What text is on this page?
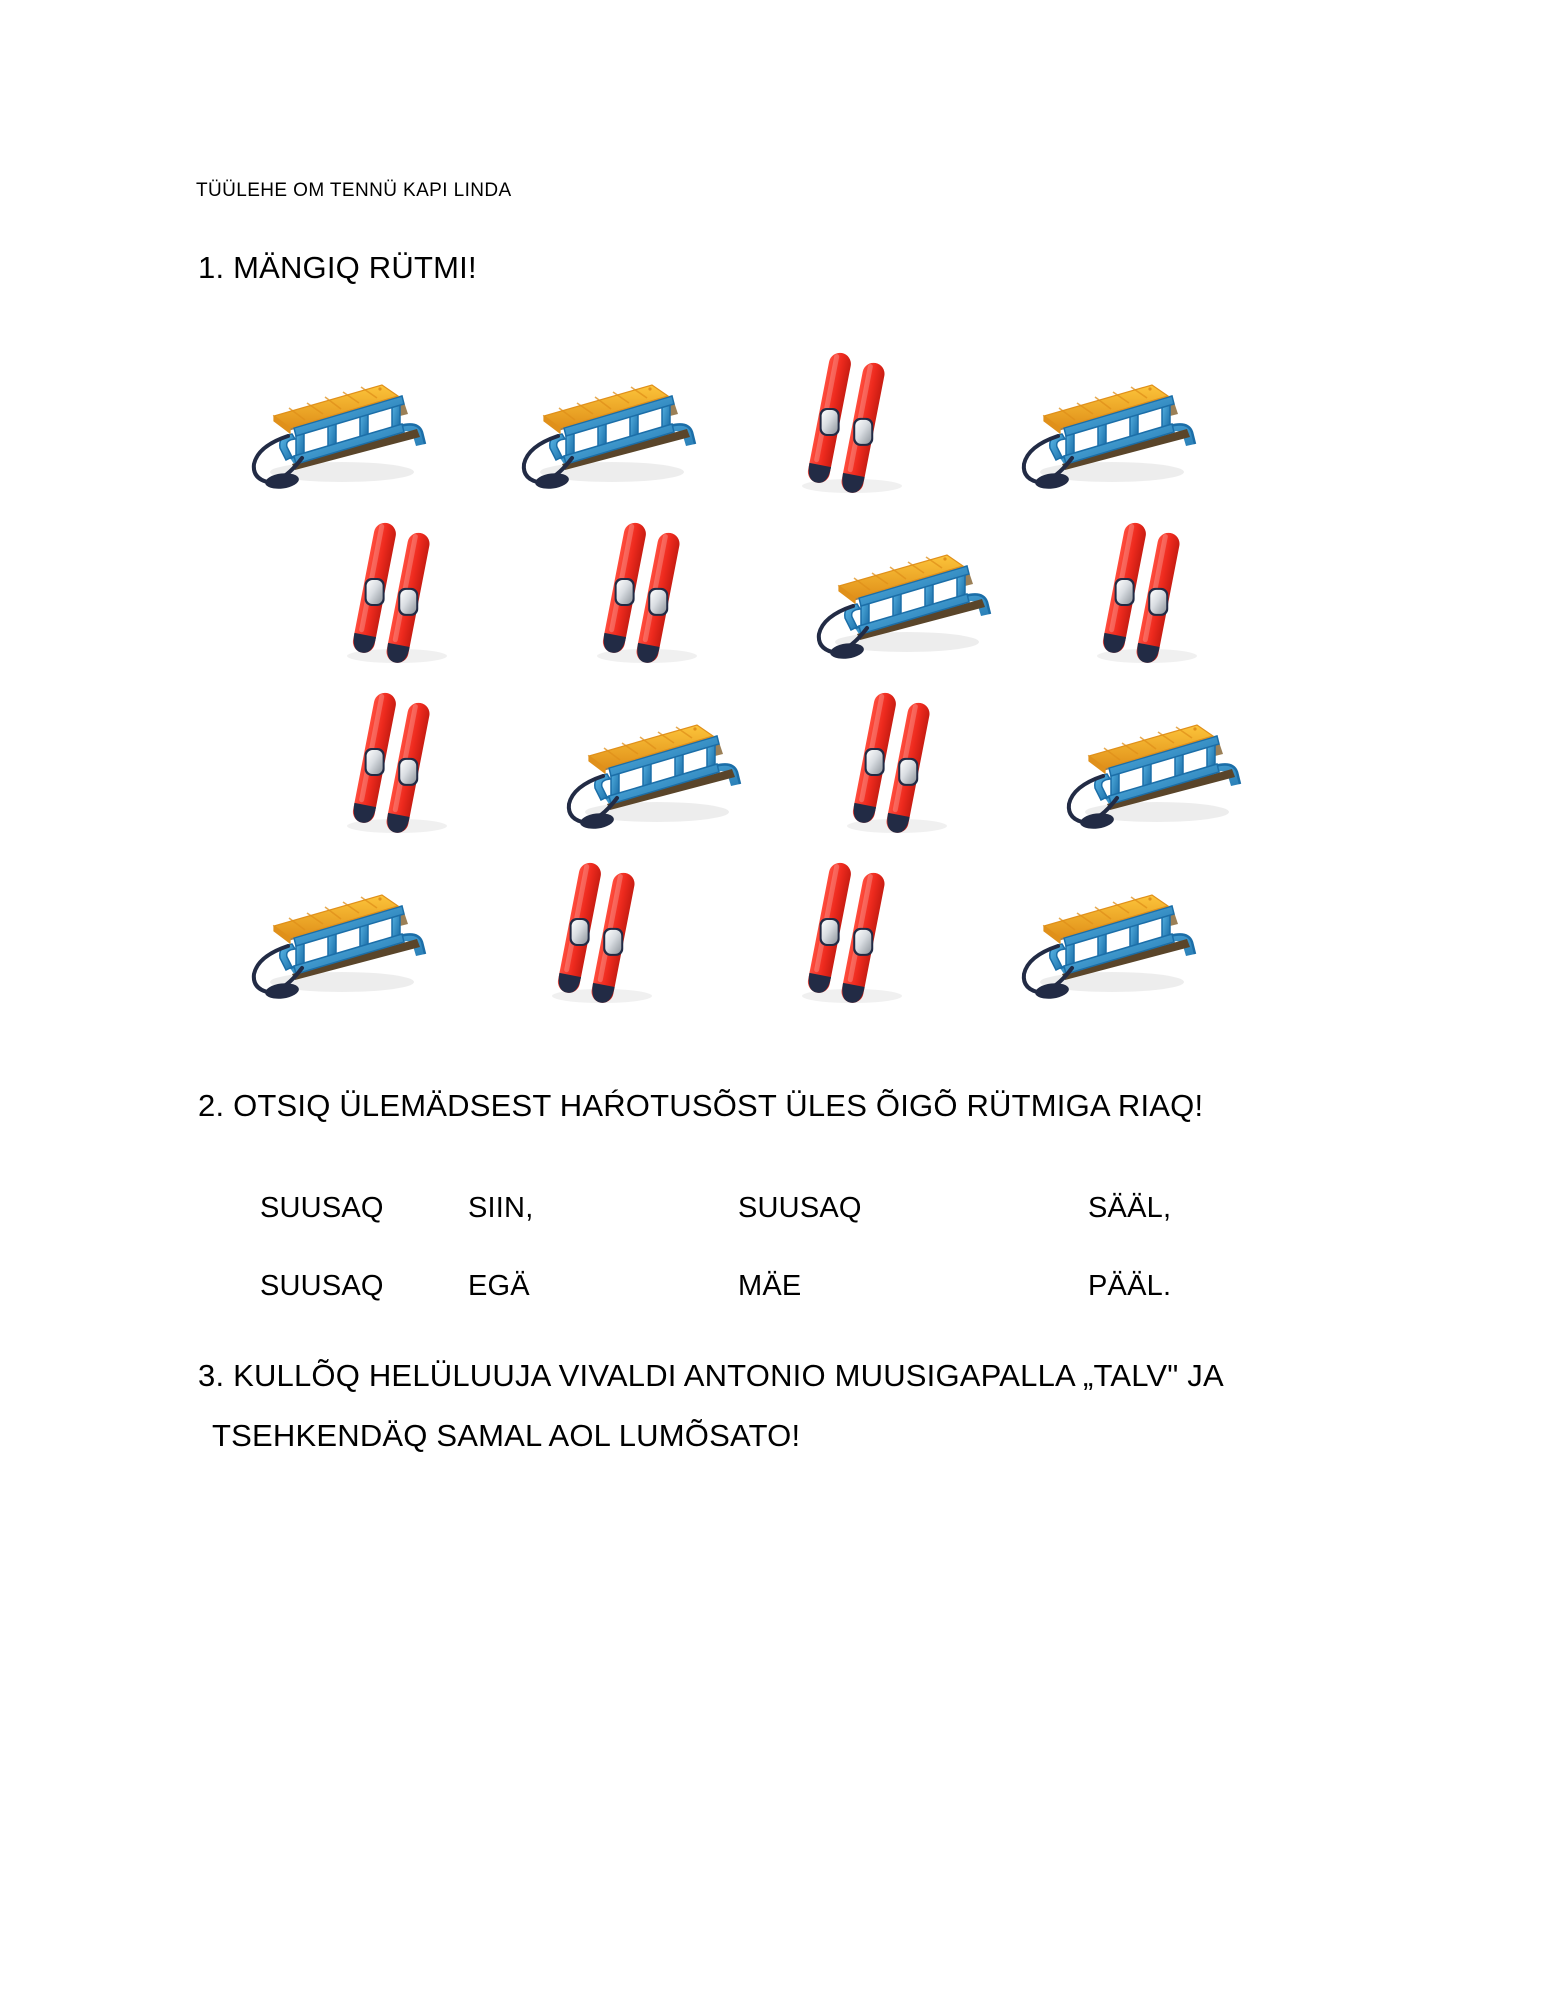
TÜÜLEHE OM TENNÜ KAPI LINDA
1. MÄNGIQ RÜTMI!
2. OTSIQ ÜLEMÄDSEST HAŔOTUSÕST ÜLES ÕIGÕ RÜTMIGA RIAQ!
SUUSAQ	SIIN,	SUUSAQ	SÄÄL,
SUUSAQ	EGÄ	MÄE	PÄÄL.
3. KULLÕQ HELÜLUUJA VIVALDI ANTONIO MUUSIGAPALLA „TALV" JA
TSEHKENDÄQ SAMAL AOL LUMÕSATO!
